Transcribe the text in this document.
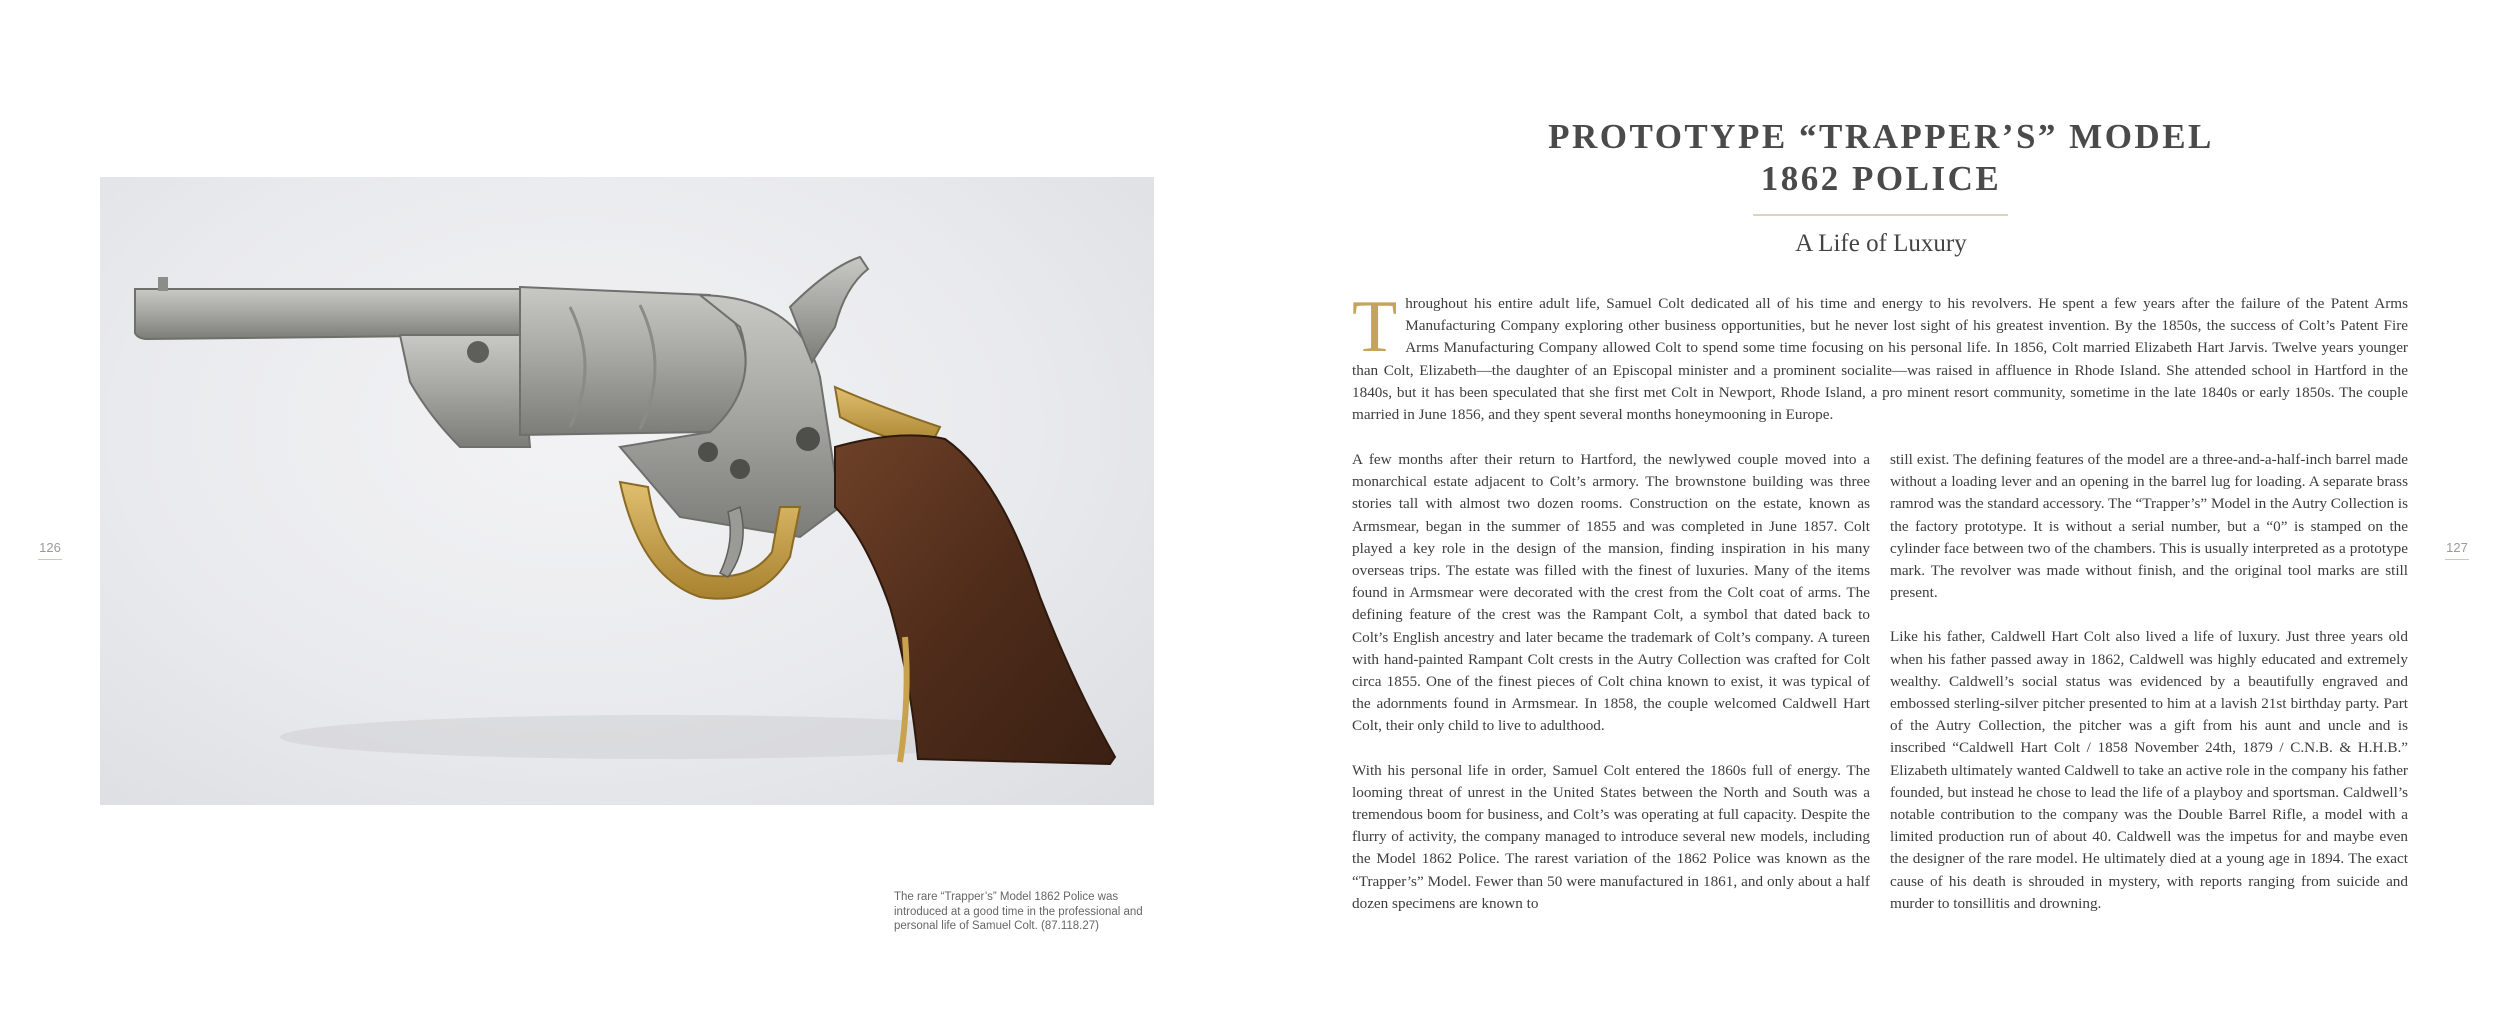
126
The rare “Trapper’s” Model 1862 Police was introduced at a good time in the professional and personal life of Samuel Colt. (87.118.27)
PROTOTYPE “TRAPPER’S” MODEL
1862 POLICE
A Life of Luxury

Throughout his entire adult life, Samuel Colt dedicated all of his time and energy to his revolvers. He spent a few years after the failure of the Patent Arms Manufacturing Company exploring other business opportunities, but he never lost sight of his greatest invention. By the 1850s, the success of Colt’s Patent Fire Arms Manufacturing Company allowed Colt to spend some time focusing on his personal life. In 1856, Colt married Elizabeth Hart Jarvis. Twelve years younger than Colt, Elizabeth—the daughter of an Episcopal minister and a prominent socialite—was raised in affluence in Rhode Island. She attended school in Hartford in the 1840s, but it has been speculated that she first met Colt in Newport, Rhode Island, a pro minent resort community, sometime in the late 1840s or early 1850s. The couple married in June 1856, and they spent several months honeymooning in Europe.

A few months after their return to Hartford, the newlywed couple moved into a monarchical estate adjacent to Colt’s armory. The brownstone building was three stories tall with almost two dozen rooms. Construction on the estate, known as Armsmear, began in the summer of 1855 and was completed in June 1857. Colt played a key role in the design of the mansion, finding inspiration in his many overseas trips. The estate was filled with the finest of luxuries. Many of the items found in Armsmear were decorated with the crest from the Colt coat of arms. The defining feature of the crest was the Rampant Colt, a symbol that dated back to Colt’s English ancestry and later became the trademark of Colt’s company. A tureen with hand-painted Rampant Colt crests in the Autry Collection was crafted for Colt circa 1855. One of the finest pieces of Colt china known to exist, it was typical of the adornments found in Armsmear. In 1858, the couple welcomed Caldwell Hart Colt, their only child to live to adulthood.

With his personal life in order, Samuel Colt entered the 1860s full of energy. The looming threat of unrest in the United States between the North and South was a tremendous boom for business, and Colt’s was operating at full capacity. Despite the flurry of activity, the company managed to introduce several new models, including the Model 1862 Police. The rarest variation of the 1862 Police was known as the “Trapper’s” Model. Fewer than 50 were manufactured in 1861, and only about a half dozen specimens are known to

still exist. The defining features of the model are a three-and-a-half-inch barrel made without a loading lever and an opening in the barrel lug for loading. A separate brass ramrod was the standard accessory. The “Trapper’s” Model in the Autry Collection is the factory prototype. It is without a serial number, but a “0” is stamped on the cylinder face between two of the chambers. This is usually interpreted as a prototype mark. The revolver was made without finish, and the original tool marks are still present.

Like his father, Caldwell Hart Colt also lived a life of luxury. Just three years old when his father passed away in 1862, Caldwell was highly educated and extremely wealthy. Caldwell’s social status was evidenced by a beautifully engraved and embossed sterling-silver pitcher presented to him at a lavish 21st birthday party. Part of the Autry Collection, the pitcher was a gift from his aunt and uncle and is inscribed “Caldwell Hart Colt / 1858 November 24th, 1879 / C.N.B. & H.H.B.” Elizabeth ultimately wanted Caldwell to take an active role in the company his father founded, but instead he chose to lead the life of a playboy and sportsman. Caldwell’s notable contribution to the company was the Double Barrel Rifle, a model with a limited production run of about 40. Caldwell was the impetus for and maybe even the designer of the rare model. He ultimately died at a young age in 1894. The exact cause of his death is shrouded in mystery, with reports ranging from suicide and murder to tonsillitis and drowning.

127
